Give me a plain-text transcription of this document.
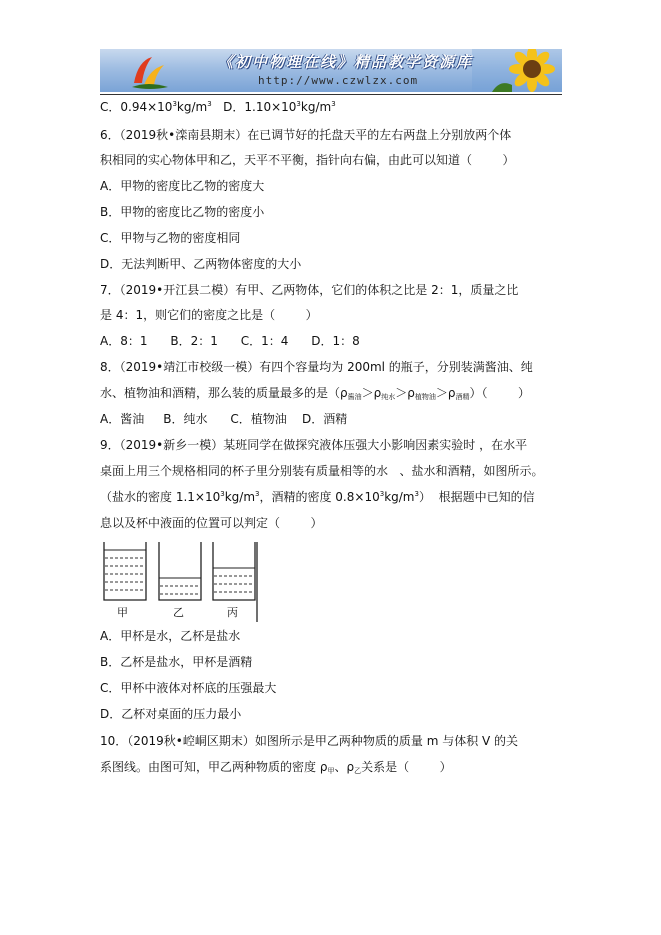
《初中物理在线》精品教学资源库
http://www.czwlzx.com
C．$0.94\times 10^3kg/m^3$   D．$1.10\times 10^3kg/m^3$
6．（2019秋•滦南县期末）在已调节好的托盘天平的左右两盘上分别放两个体
积相同的实心物体甲和乙，天平不平衡，指针向右偏，由此可以知道（        ）
A．甲物的密度比乙物的密度大
B．甲物的密度比乙物的密度小
C．甲物与乙物的密度相同
D．无法判断甲、乙两物体密度的大小
7．（2019•开江县二模）有甲、乙两物体，它们的体积之比是 2：1，质量之比
是 4：1，则它们的密度之比是（        ）
A．8：1      B．2：1      C．1：4      D．1：8
8．（2019•靖江市校级一模）有四个容量均为 200ml 的瓶子，分别装满酱油、纯
水、植物油和酒精，那么装的质量最多的是$(\rho_{酱油}>\rho_{纯水}>\rho_{植物油}>\rho_{酒精})$（        ）
A．酱油     B．纯水      C．植物油    D．酒精
9．（2019•新乡一模）某班同学在做探究液体压强大小影响因素实验时 ，在水平
桌面上用三个规格相同的杯子里分别装有质量相等的水   、盐水和酒精，如图所示。
（盐水的密度 $1.1\times 10^3kg/m^3$，酒精的密度 $0.8\times 10^3kg/m^3$）  根据题中已知的信
息以及杯中液面的位置可以判定（        ）
甲	乙	丙
A．甲杯是水，乙杯是盐水
B．乙杯是盐水，甲杯是酒精
C．甲杯中液体对杯底的压强最大
D．乙杯对桌面的压力最小
10．（2019秋•崆峒区期末）如图所示是甲乙两种物质的质量 m 与体积 V 的关
系图线。由图可知，甲乙两种物质的密度 $\rho_甲$、$\rho_乙$关系是（        ）
